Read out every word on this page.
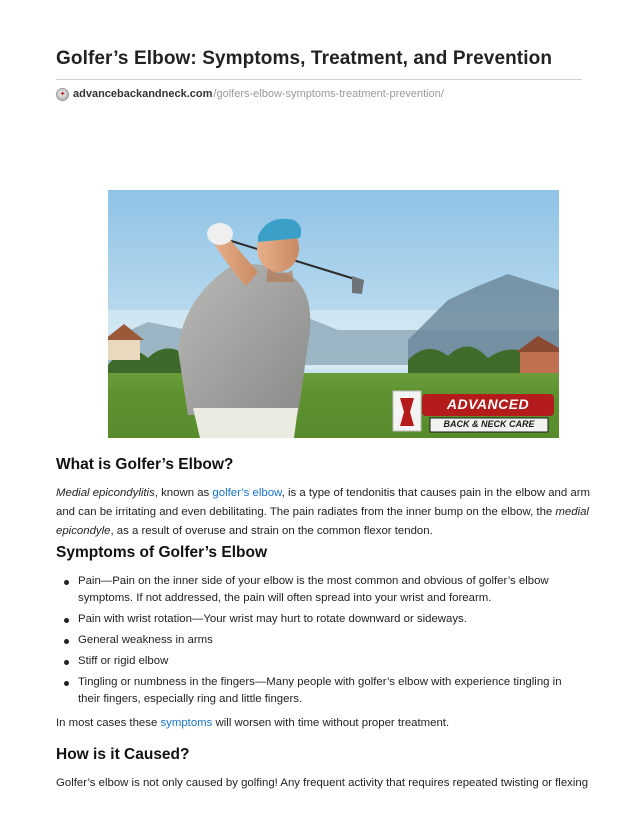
Golfer’s Elbow: Symptoms, Treatment, and Prevention
✦ advancebackandneck.com /golfers-elbow-symptoms-treatment-prevention/
ADVANCED
BACK & NECK CARE
What is Golfer’s Elbow?
Medial epicondylitis, known as golfer’s elbow, is a type of tendonitis that causes pain in the elbow and arm
and can be irritating and even debilitating. The pain radiates from the inner bump on the elbow, the medial
epicondyle, as a result of overuse and strain on the common flexor tendon.
Symptoms of Golfer’s Elbow
Pain—Pain on the inner side of your elbow is the most common and obvious of golfer’s elbow
symptoms. If not addressed, the pain will often spread into your wrist and forearm.
Pain with wrist rotation—Your wrist may hurt to rotate downward or sideways.
General weakness in arms
Stiff or rigid elbow
Tingling or numbness in the fingers—Many people with golfer’s elbow with experience tingling in
their fingers, especially ring and little fingers.
In most cases these symptoms will worsen with time without proper treatment.
How is it Caused?
Golfer’s elbow is not only caused by golfing! Any frequent activity that requires repeated twisting or flexing
